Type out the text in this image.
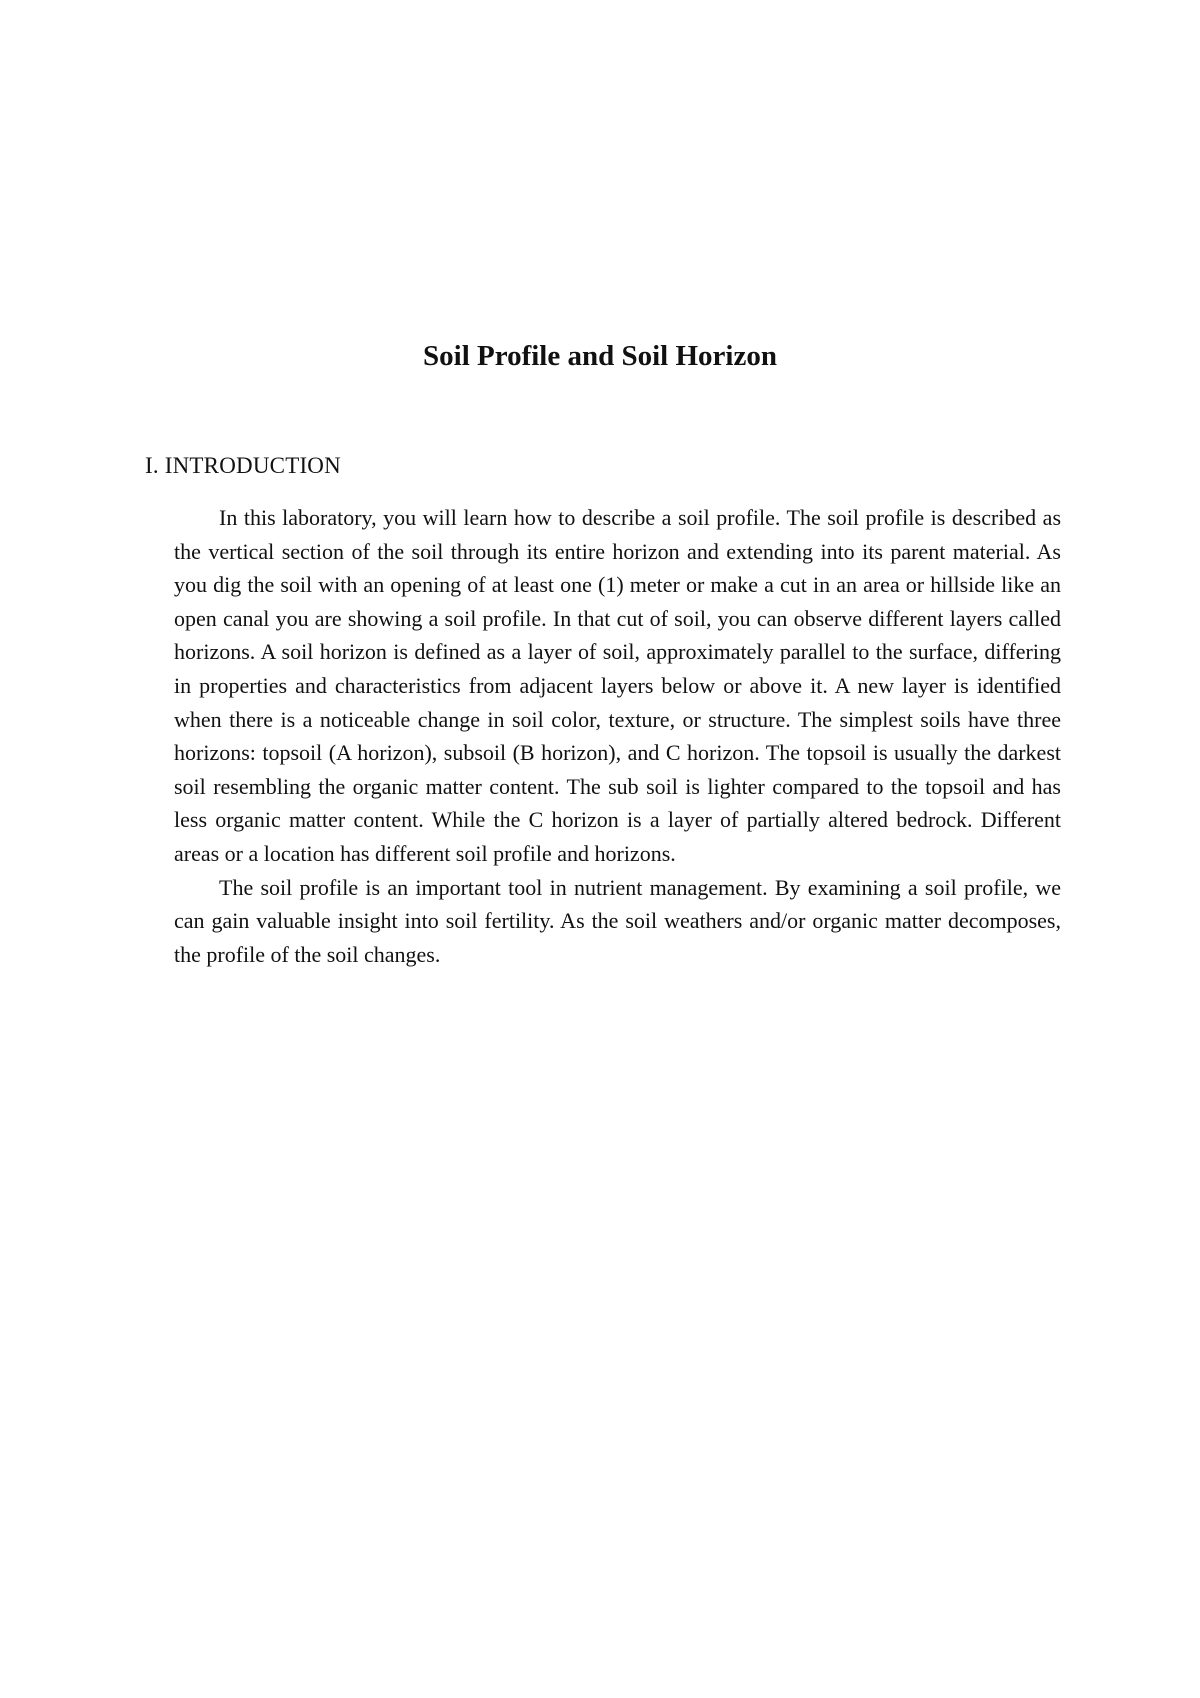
Soil Profile and Soil Horizon
I. INTRODUCTION

In this laboratory, you will learn how to describe a soil profile. The soil profile is described as the vertical section of the soil through its entire horizon and extending into its parent material. As you dig the soil with an opening of at least one (1) meter or make a cut in an area or hillside like an open canal you are showing a soil profile. In that cut of soil, you can observe different layers called horizons. A soil horizon is defined as a layer of soil, approximately parallel to the surface, differing in properties and characteristics from adjacent layers below or above it. A new layer is identified when there is a noticeable change in soil color, texture, or structure. The simplest soils have three horizons: topsoil (A horizon), subsoil (B horizon), and C horizon. The topsoil is usually the darkest soil resembling the organic matter content. The sub soil is lighter compared to the topsoil and has less organic matter content. While the C horizon is a layer of partially altered bedrock. Different areas or a location has different soil profile and horizons.

The soil profile is an important tool in nutrient management. By examining a soil profile, we can gain valuable insight into soil fertility. As the soil weathers and/or organic matter decomposes, the profile of the soil changes.
